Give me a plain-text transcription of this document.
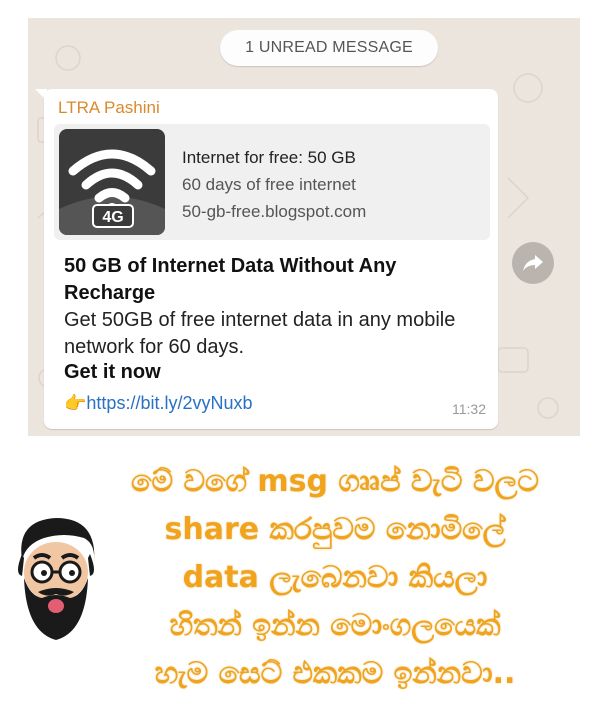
1 UNREAD MESSAGE
LTRA Pashini
4G
Internet for free: 50 GB
60 days of free internet
50-gb-free.blogspot.com
50 GB of Internet Data Without Any Recharge
Get 50GB of free internet data in any mobile network for 60 days.
Get it now
👉 https://bit.ly/2vyNuxb	11:32
මේ වගේ msg ගෲප් වැටි වලට
share කරපුවම නොමිලේ
data ලැබෙනවා කියලා
හිතන් ඉන්න මොංගලයෙක්
හැම සෙට් එකකම ඉන්නවා..
